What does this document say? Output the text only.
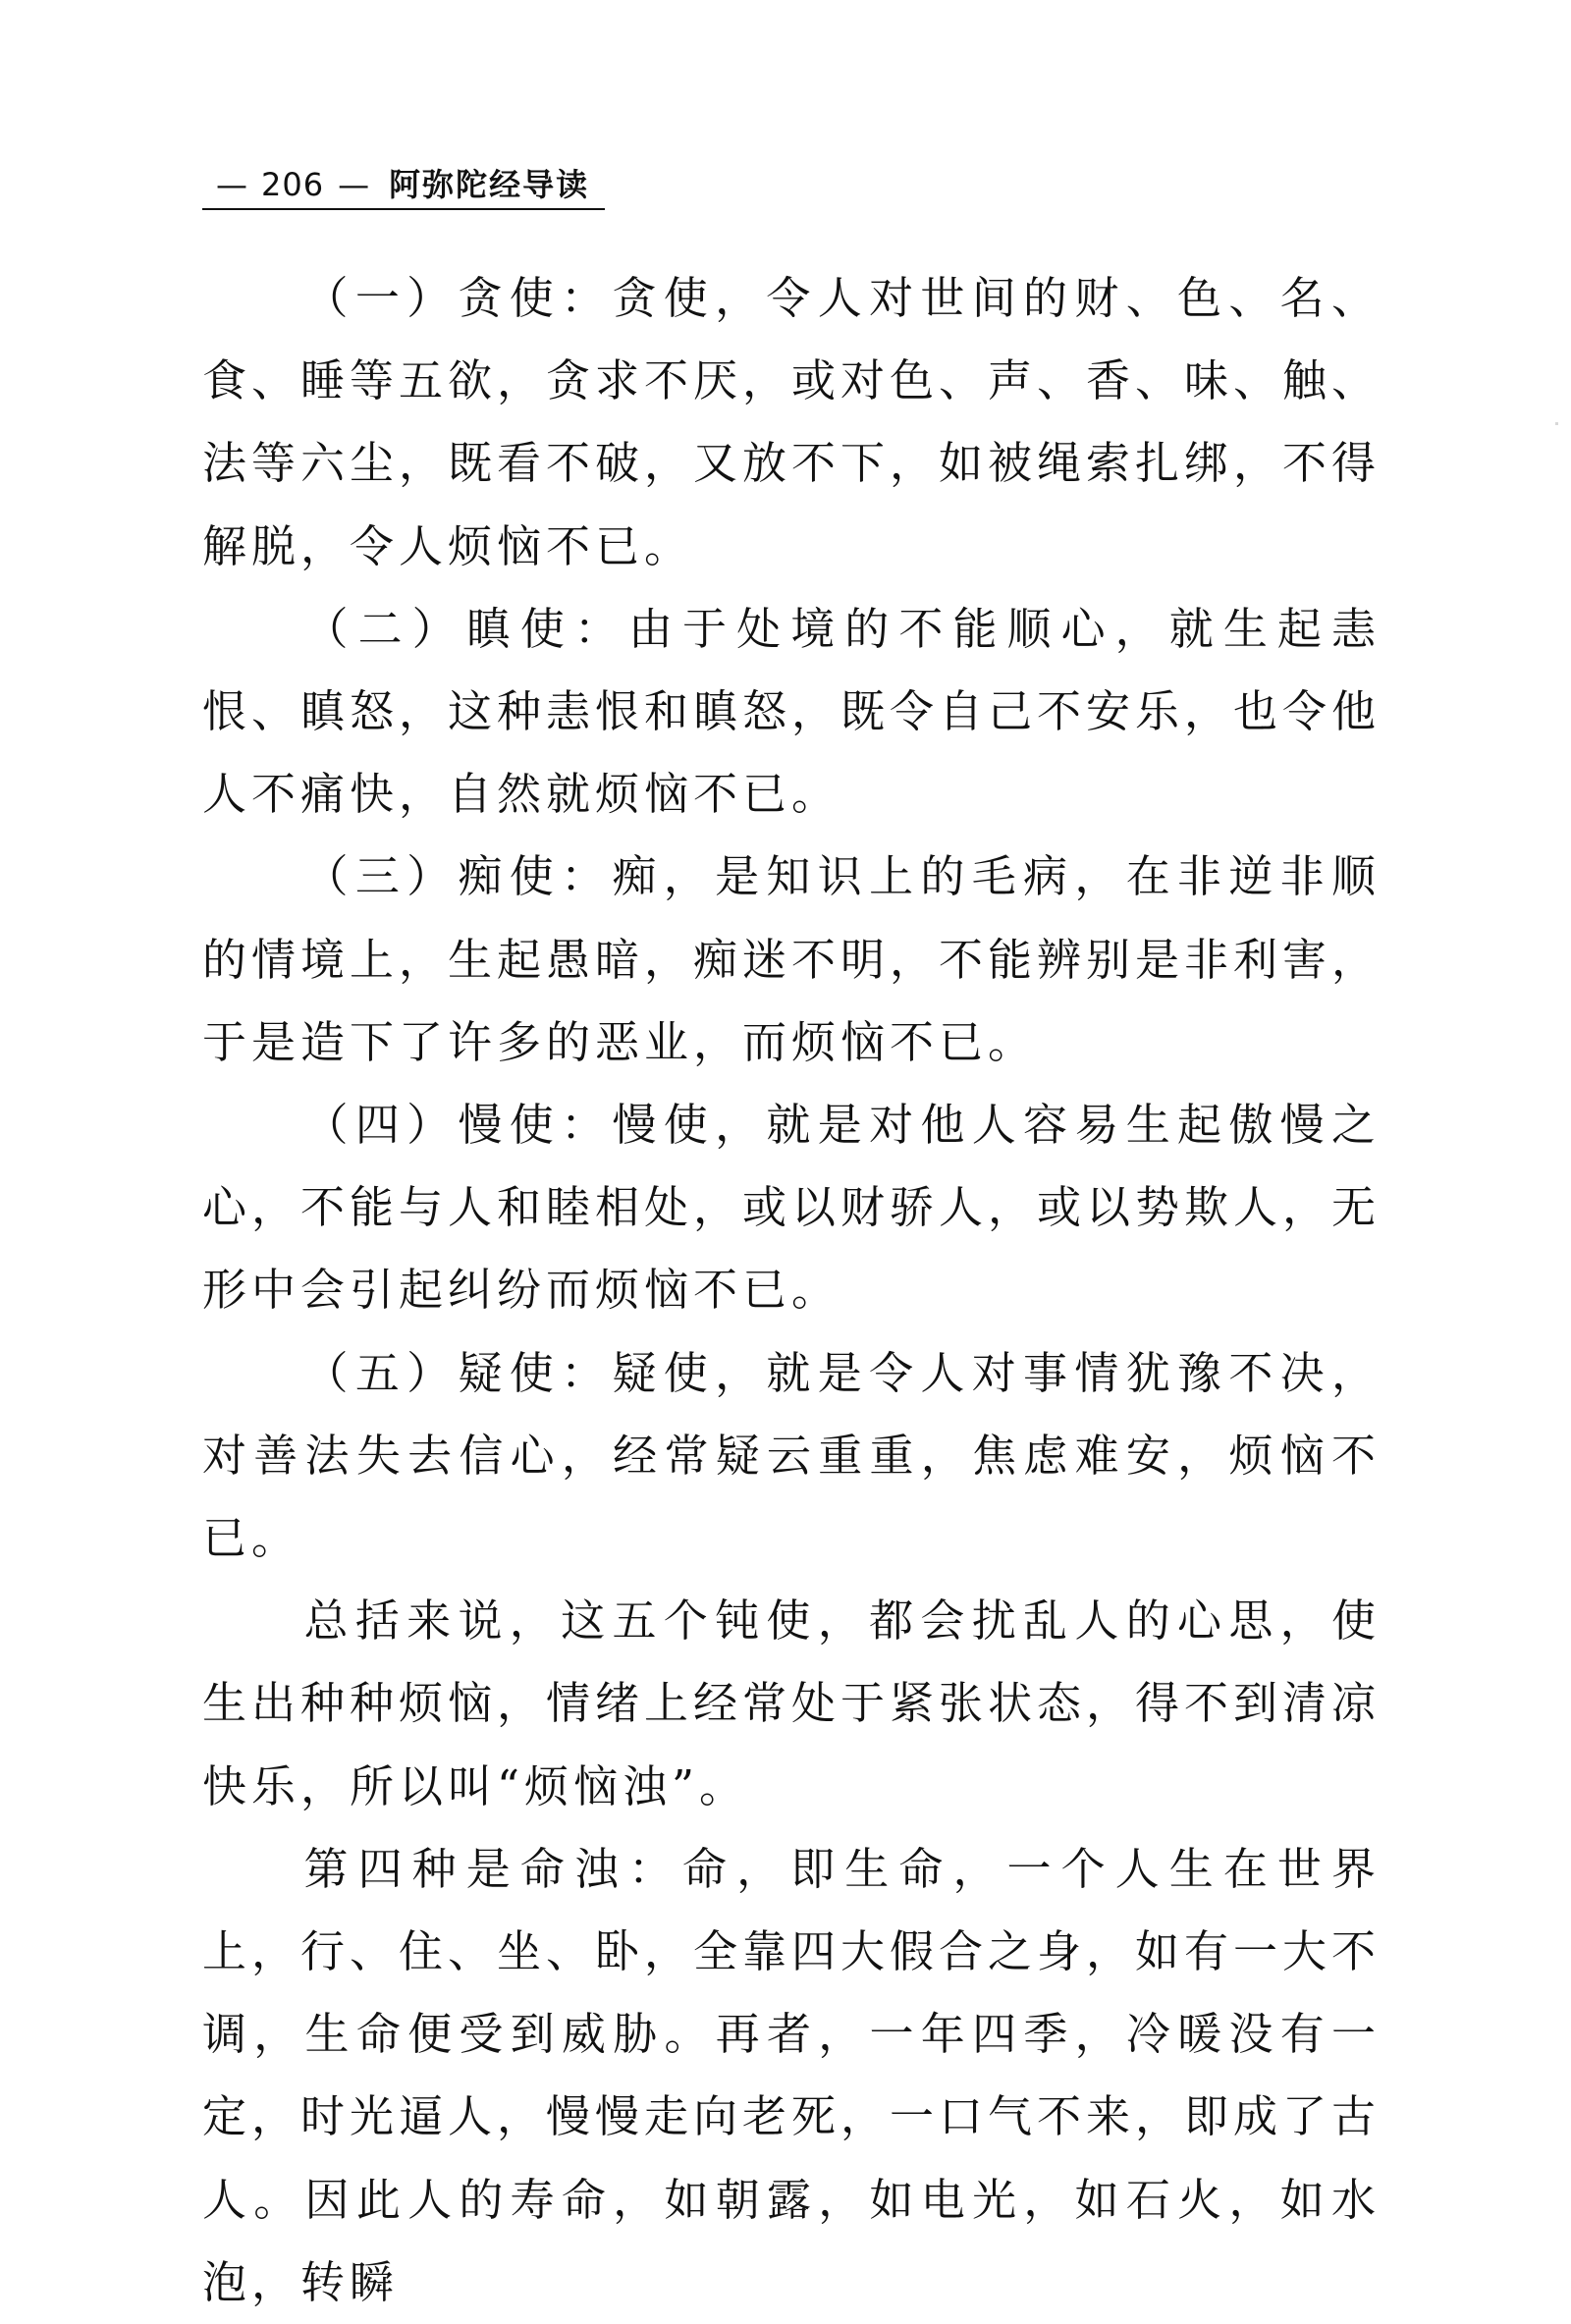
— 206 — 阿弥陀经导读

（一）贪使：贪使，令人对世间的财、色、名、食、睡等五欲，贪求不厌，或对色、声、香、味、触、法等六尘，既看不破，又放不下，如被绳索扎绑，不得解脱，令人烦恼不已。

（二）瞋使：由于处境的不能顺心，就生起恚恨、瞋怒，这种恚恨和瞋怒，既令自己不安乐，也令他人不痛快，自然就烦恼不已。

（三）痴使：痴，是知识上的毛病，在非逆非顺的情境上，生起愚暗，痴迷不明，不能辨别是非利害，于是造下了许多的恶业，而烦恼不已。

（四）慢使：慢使，就是对他人容易生起傲慢之心，不能与人和睦相处，或以财骄人，或以势欺人，无形中会引起纠纷而烦恼不已。

（五）疑使：疑使，就是令人对事情犹豫不决，对善法失去信心，经常疑云重重，焦虑难安，烦恼不已。

总括来说，这五个钝使，都会扰乱人的心思，使生出种种烦恼，情绪上经常处于紧张状态，得不到清凉快乐，所以叫“烦恼浊”。

第四种是命浊：命，即生命，一个人生在世界上，行、住、坐、卧，全靠四大假合之身，如有一大不调，生命便受到威胁。再者，一年四季，冷暖没有一定，时光逼人，慢慢走向老死，一口气不来，即成了古人。因此人的寿命，如朝露，如电光，如石火，如水泡，转瞬
